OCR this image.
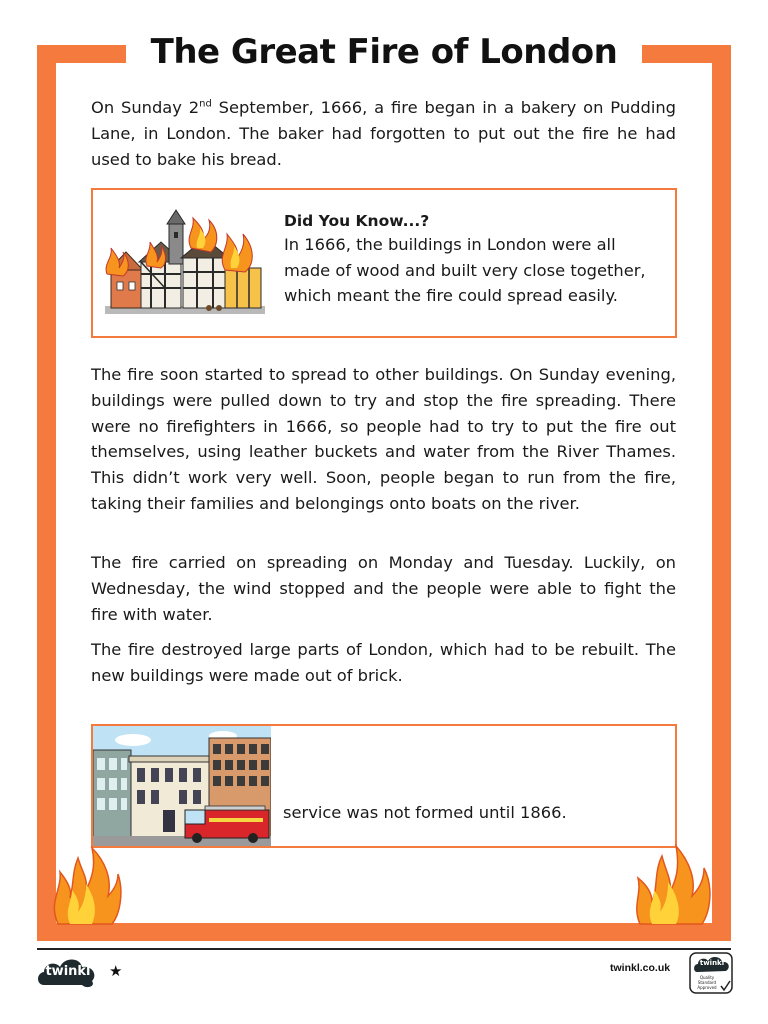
The Great Fire of London

On Sunday 2nd September, 1666, a fire began in a bakery on Pudding Lane, in London. The baker had forgotten to put out the fire he had used to bake his bread.

Did You Know...?

In 1666, the buildings in London were all made of wood and built very close together, which meant the fire could spread easily.

The fire soon started to spread to other buildings. On Sunday evening, buildings were pulled down to try and stop the fire spreading. There were no firefighters in 1666, so people had to try to put the fire out themselves, using leather buckets and water from the River Thames. This didn’t work very well. Soon, people began to run from the fire, taking their families and belongings onto boats on the river.

The fire carried on spreading on Monday and Tuesday. Luckily, on Wednesday, the wind stopped and the people were able to fight the fire with water.

The fire destroyed large parts of London, which had to be rebuilt. The new buildings were made out of brick.

service was not formed until 1866.

twinkl ★	twinkl.co.uk	twinkl
Quality Standard Approved
